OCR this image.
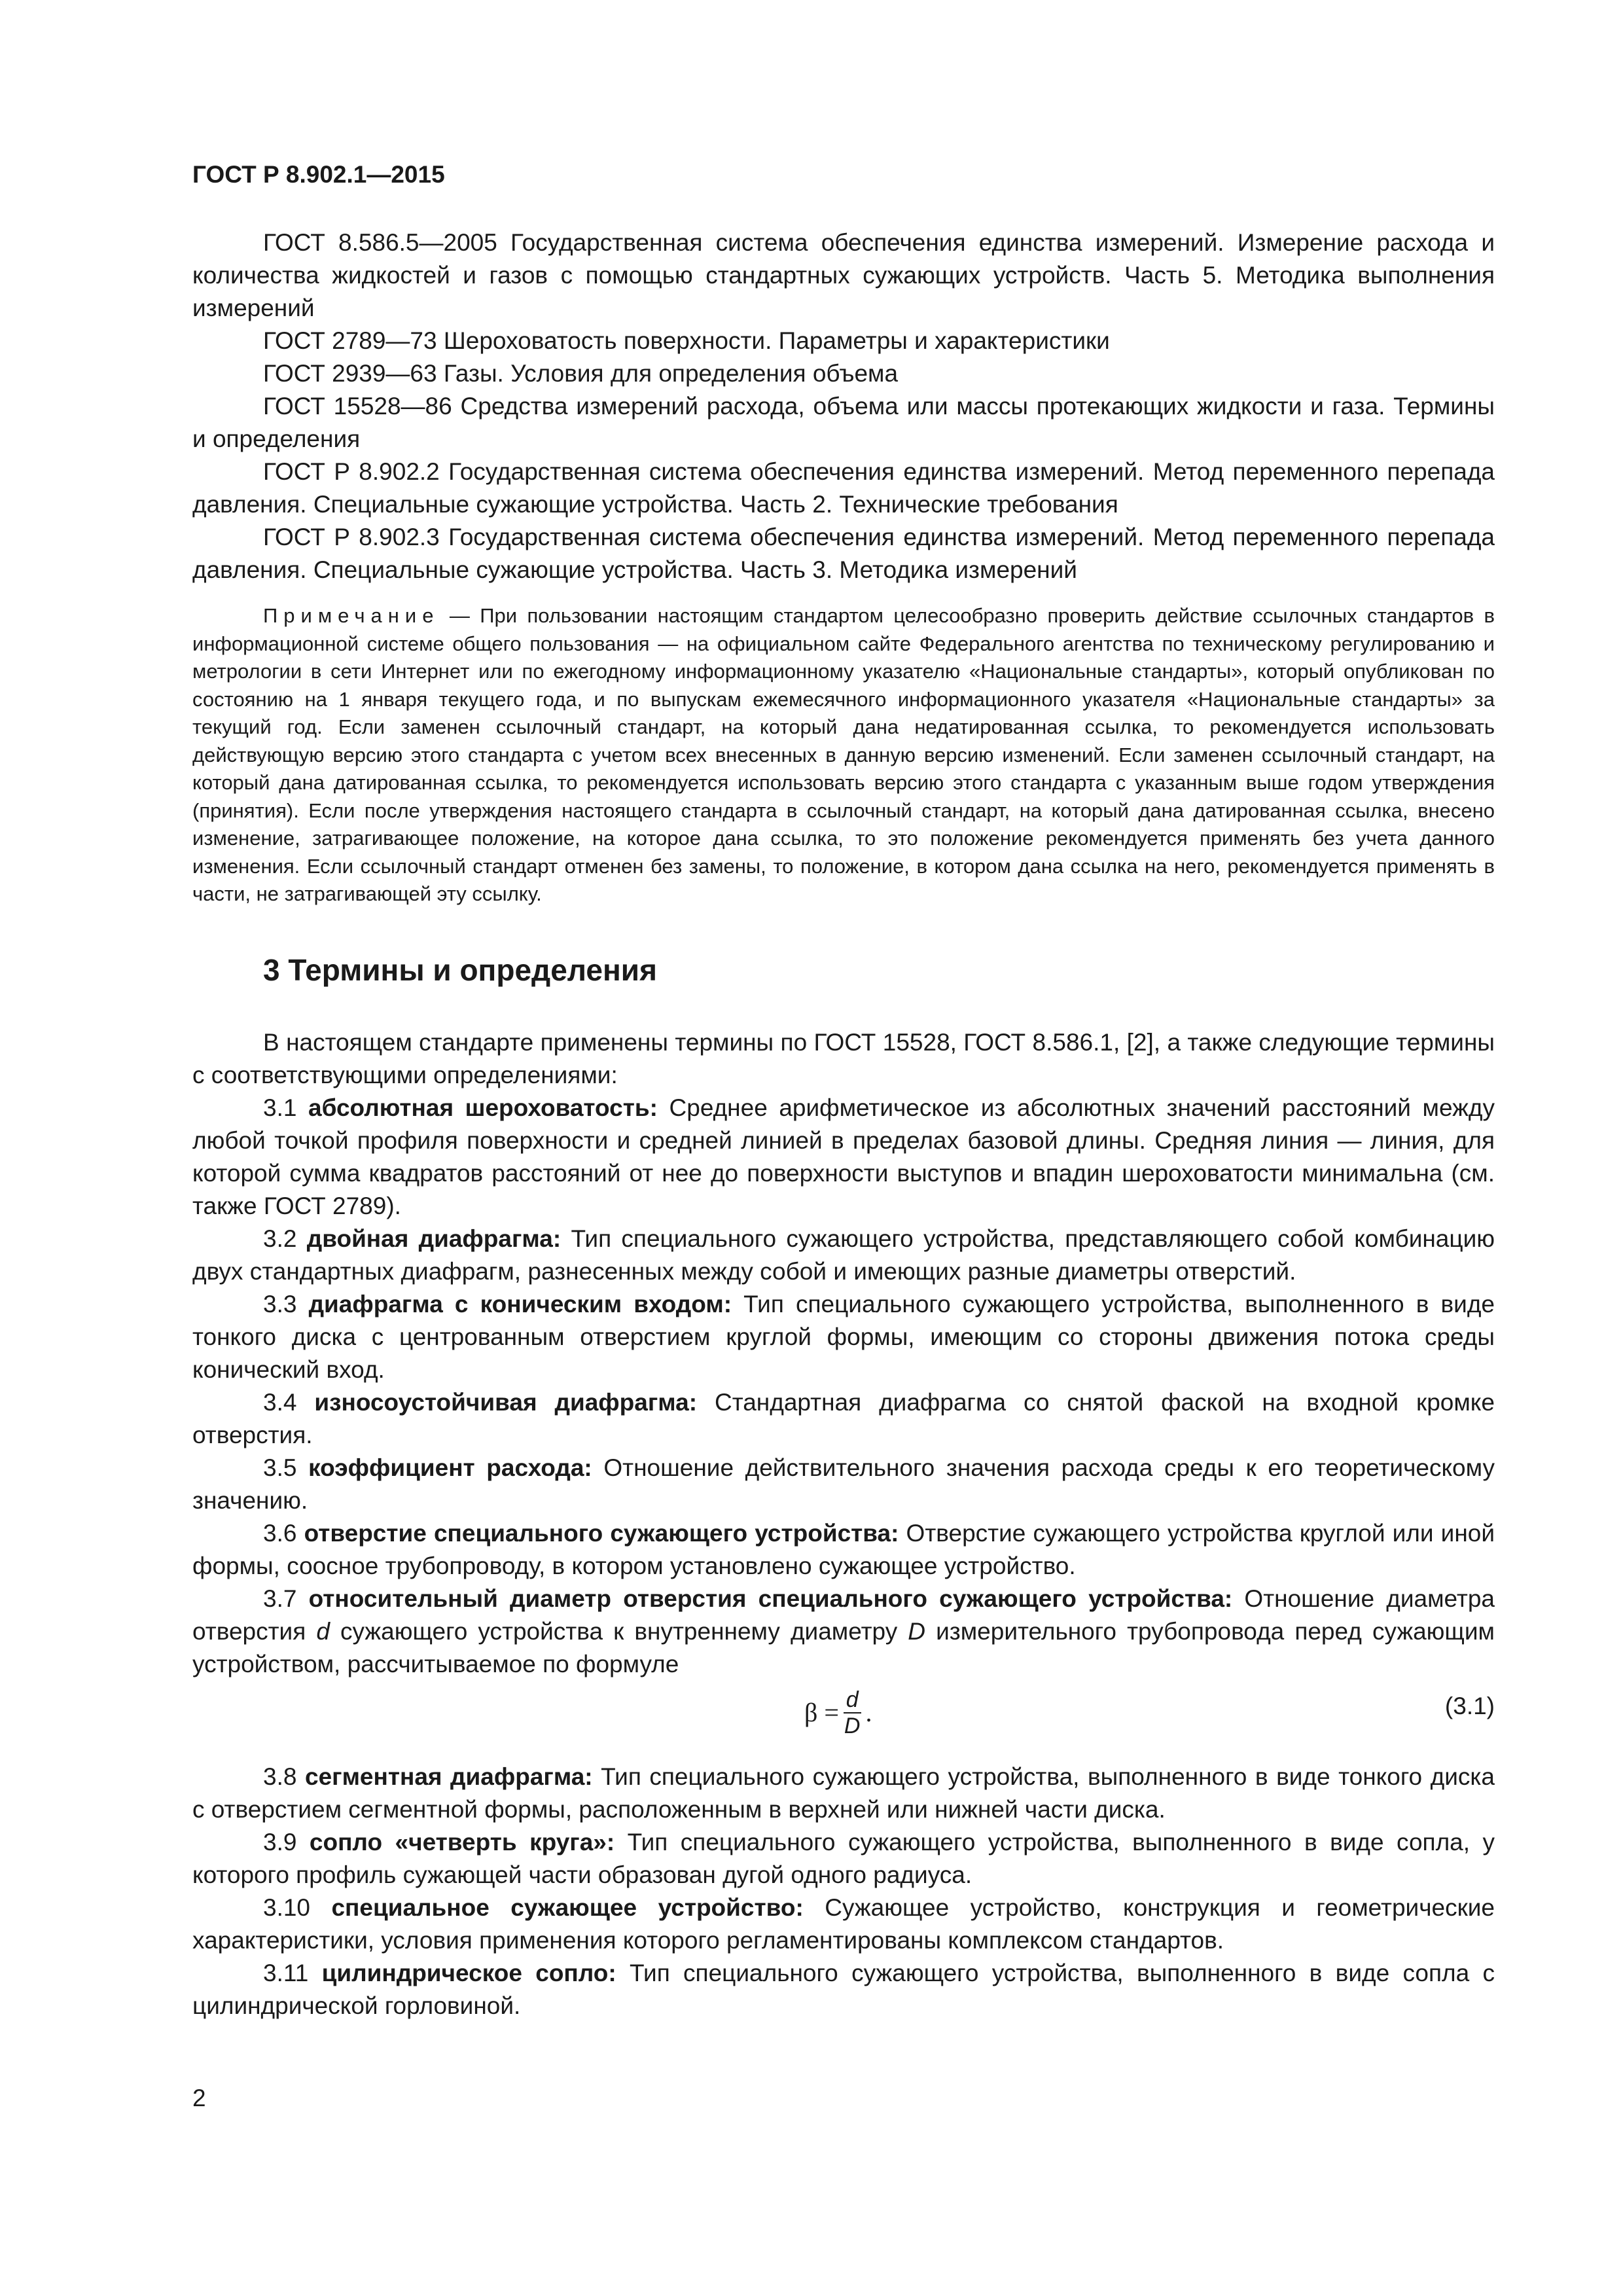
ГОСТ Р 8.902.1—2015

ГОСТ 8.586.5—2005 Государственная система обеспечения единства измерений. Измерение расхода и количества жидкостей и газов с помощью стандартных сужающих устройств. Часть 5. Методика выполнения измерений

ГОСТ 2789—73 Шероховатость поверхности. Параметры и характеристики

ГОСТ 2939—63 Газы. Условия для определения объема

ГОСТ 15528—86 Средства измерений расхода, объема или массы протекающих жидкости и газа. Термины и определения

ГОСТ Р 8.902.2 Государственная система обеспечения единства измерений. Метод переменного перепада давления. Специальные сужающие устройства. Часть 2. Технические требования

ГОСТ Р 8.902.3 Государственная система обеспечения единства измерений. Метод переменного перепада давления. Специальные сужающие устройства. Часть 3. Методика измерений

Примечание — При пользовании настоящим стандартом целесообразно проверить действие ссылочных стандартов в информационной системе общего пользования — на официальном сайте Федерального агентства по техническому регулированию и метрологии в сети Интернет или по ежегодному информационному указателю «Национальные стандарты», который опубликован по состоянию на 1 января текущего года, и по выпускам ежемесячного информационного указателя «Национальные стандарты» за текущий год. Если заменен ссылочный стандарт, на который дана недатированная ссылка, то рекомендуется использовать действующую версию этого стандарта с учетом всех внесенных в данную версию изменений. Если заменен ссылочный стандарт, на который дана датированная ссылка, то рекомендуется использовать версию этого стандарта с указанным выше годом утверждения (принятия). Если после утверждения настоящего стандарта в ссылочный стандарт, на который дана датированная ссылка, внесено изменение, затрагивающее положение, на которое дана ссылка, то это положение рекомендуется применять без учета данного изменения. Если ссылочный стандарт отменен без замены, то положение, в котором дана ссылка на него, рекомендуется применять в части, не затрагивающей эту ссылку.

3 Термины и определения

В настоящем стандарте применены термины по ГОСТ 15528, ГОСТ 8.586.1, [2], а также следующие термины с соответствующими определениями:

3.1 абсолютная шероховатость: Среднее арифметическое из абсолютных значений расстояний между любой точкой профиля поверхности и средней линией в пределах базовой длины. Средняя линия — линия, для которой сумма квадратов расстояний от нее до поверхности выступов и впадин шероховатости минимальна (см. также ГОСТ 2789).

3.2 двойная диафрагма: Тип специального сужающего устройства, представляющего собой комбинацию двух стандартных диафрагм, разнесенных между собой и имеющих разные диаметры отверстий.

3.3 диафрагма с коническим входом: Тип специального сужающего устройства, выполненного в виде тонкого диска с центрованным отверстием круглой формы, имеющим со стороны движения потока среды конический вход.

3.4 износоустойчивая диафрагма: Стандартная диафрагма со снятой фаской на входной кромке отверстия.

3.5 коэффициент расхода: Отношение действительного значения расхода среды к его теоретическому значению.

3.6 отверстие специального сужающего устройства: Отверстие сужающего устройства круглой или иной формы, соосное трубопроводу, в котором установлено сужающее устройство.

3.7 относительный диаметр отверстия специального сужающего устройства: Отношение диаметра отверстия d сужающего устройства к внутреннему диаметру D измерительного трубопровода перед сужающим устройством, рассчитываемое по формуле

$\beta = \frac{d}{D}$ .	(3.1)

3.8 сегментная диафрагма: Тип специального сужающего устройства, выполненного в виде тонкого диска с отверстием сегментной формы, расположенным в верхней или нижней части диска.

3.9 сопло «четверть круга»: Тип специального сужающего устройства, выполненного в виде сопла, у которого профиль сужающей части образован дугой одного радиуса.

3.10 специальное сужающее устройство: Сужающее устройство, конструкция и геометрические характеристики, условия применения которого регламентированы комплексом стандартов.

3.11 цилиндрическое сопло: Тип специального сужающего устройства, выполненного в виде сопла с цилиндрической горловиной.

2
